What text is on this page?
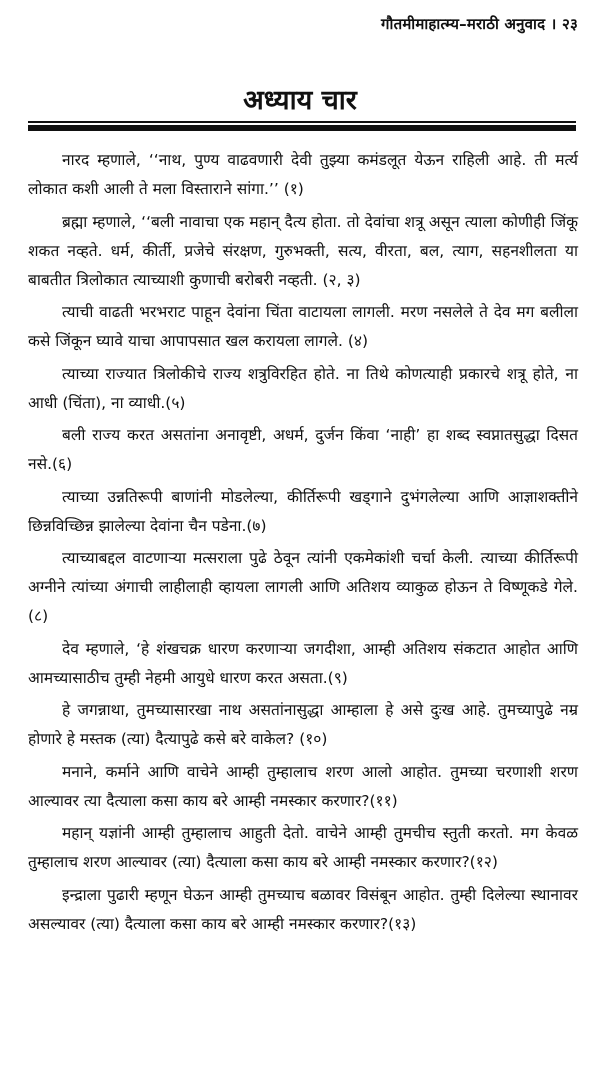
गौतमीमाहात्म्य–मराठी अनुवाद । २३
अध्याय चार

नारद म्हणाले, ‘‘नाथ, पुण्य वाढवणारी देवी तुझ्या कमंडलूत येऊन राहिली आहे. ती मर्त्य लोकात कशी आली ते मला विस्ताराने सांगा.’’ (१)

ब्रह्मा म्हणाले, ‘‘बली नावाचा एक महान् दैत्य होता. तो देवांचा शत्रू असून त्याला कोणीही जिंकू शकत नव्हते. धर्म, कीर्ती, प्रजेचे संरक्षण, गुरुभक्ती, सत्य, वीरता, बल, त्याग, सहनशीलता या बाबतीत त्रिलोकात त्याच्याशी कुणाची बरोबरी नव्हती. (२, ३)

त्याची वाढती भरभराट पाहून देवांना चिंता वाटायला लागली. मरण नसलेले ते देव मग बलीला कसे जिंकून घ्यावे याचा आपापसात खल करायला लागले. (४)

त्याच्या राज्यात त्रिलोकीचे राज्य शत्रुविरहित होते. ना तिथे कोणत्याही प्रकारचे शत्रू होते, ना आधी (चिंता), ना व्याधी.(५)

बली राज्य करत असतांना अनावृष्टी, अधर्म, दुर्जन किंवा ‘नाही’ हा शब्द स्वप्नातसुद्धा दिसत नसे.(६)

त्याच्या उन्नतिरूपी बाणांनी मोडलेल्या, कीर्तिरूपी खड्गाने दुभंगलेल्या आणि आज्ञाशक्तीने छिन्नविच्छिन्न झालेल्या देवांना चैन पडेना.(७)

त्याच्याबद्दल वाटणाऱ्या मत्सराला पुढे ठेवून त्यांनी एकमेकांशी चर्चा केली. त्याच्या कीर्तिरूपी अग्नीने त्यांच्या अंगाची लाहीलाही व्हायला लागली आणि अतिशय व्याकुळ होऊन ते विष्णूकडे गेले. (८)

देव म्हणाले, ‘हे शंखचक्र धारण करणाऱ्या जगदीशा, आम्ही अतिशय संकटात आहोत आणि आमच्यासाठीच तुम्ही नेहमी आयुधे धारण करत असता.(९)

हे जगन्नाथा, तुमच्यासारखा नाथ असतांनासुद्धा आम्हाला हे असे दुःख आहे. तुमच्यापुढे नम्र होणारे हे मस्तक (त्या) दैत्यापुढे कसे बरे वाकेल? (१०)

मनाने, कर्माने आणि वाचेने आम्ही तुम्हालाच शरण आलो आहोत. तुमच्या चरणाशी शरण आल्यावर त्या दैत्याला कसा काय बरे आम्ही नमस्कार करणार?(११)

महान् यज्ञांनी आम्ही तुम्हालाच आहुती देतो. वाचेने आम्ही तुमचीच स्तुती करतो. मग केवळ तुम्हालाच शरण आल्यावर (त्या) दैत्याला कसा काय बरे आम्ही नमस्कार करणार?(१२)

इन्द्राला पुढारी म्हणून घेऊन आम्ही तुमच्याच बळावर विसंबून आहोत. तुम्ही दिलेल्या स्थानावर असल्यावर (त्या) दैत्याला कसा काय बरे आम्ही नमस्कार करणार?(१३)
